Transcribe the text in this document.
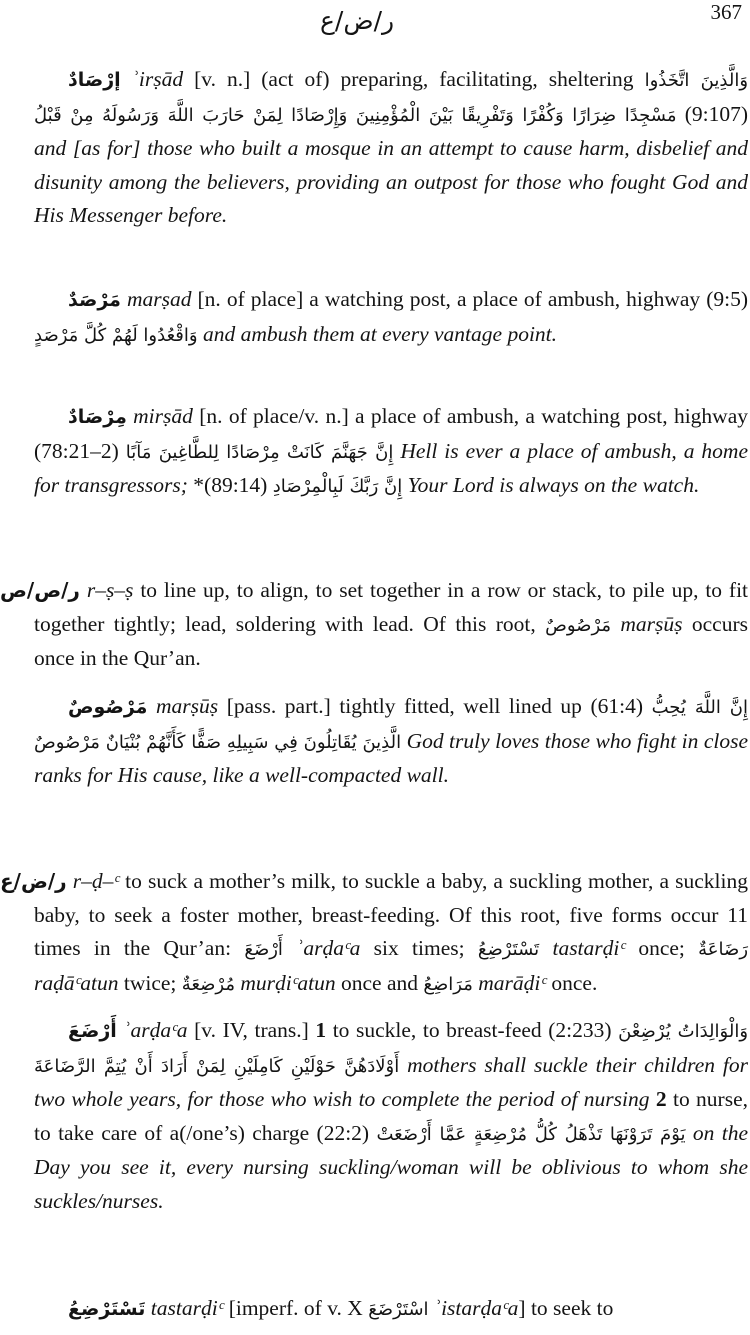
ر/ض/ع	367
إرْصَادٌ ʾirṣād [v. n.] (act of) preparing, facilitating, sheltering وَالَّذِينَ اتَّخَذُوا مَسْجِدًا ضِرَارًا وَكُفْرًا وَتَفْرِيقًا بَيْنَ الْمُؤْمِنِينَ وَإِرْصَادًا لِمَنْ حَارَبَ اللَّهَ وَرَسُولَهُ مِنْ قَبْلُ (9:107) and [as for] those who built a mosque in an attempt to cause harm, disbelief and disunity among the believers, providing an outpost for those who fought God and His Messenger before.
مَرْصَدٌ marṣad [n. of place] a watching post, a place of ambush, highway (9:5) وَاقْعُدُوا لَهُمْ كُلَّ مَرْصَدٍ and ambush them at every vantage point.
مِرْصَادٌ mirṣād [n. of place/v. n.] a place of ambush, a watching post, highway (78:21–2) إِنَّ جَهَنَّمَ كَانَتْ مِرْصَادًا لِلطَّاغِينَ مَآبًا Hell is ever a place of ambush, a home for transgressors; *(89:14) إِنَّ رَبَّكَ لَبِالْمِرْصَادِ Your Lord is always on the watch.
ر/ص/ص r–ṣ–ṣ to line up, to align, to set together in a row or stack, to pile up, to fit together tightly; lead, soldering with lead. Of this root, مَرْصُوصٌ marṣūṣ occurs once in the Qur’an.
مَرْصُوصٌ marṣūṣ [pass. part.] tightly fitted, well lined up (61:4) إِنَّ اللَّهَ يُحِبُّ الَّذِينَ يُقَاتِلُونَ فِي سَبِيلِهِ صَفًّا كَأَنَّهُمْ بُنْيَانٌ مَرْصُوصٌ God truly loves those who fight in close ranks for His cause, like a well-compacted wall.
ر/ض/ع r–ḍ–ᶜ to suck a mother’s milk, to suckle a baby, a suckling mother, a suckling baby, to seek a foster mother, breast-feeding. Of this root, five forms occur 11 times in the Qur’an: أَرْضَعَ ʾarḍaᶜa six times; تَسْتَرْضِعُ tastarḍiᶜ once; رَضَاعَةٌ raḍāᶜatun twice; مُرْضِعَةٌ murḍiᶜatun once and مَرَاضِعُ marāḍiᶜ once.
أَرْضَعَ ʾarḍaᶜa [v. IV, trans.] 1 to suckle, to breast-feed (2:233) وَالْوَالِدَاتُ يُرْضِعْنَ أَوْلَادَهُنَّ حَوْلَيْنِ كَامِلَيْنِ لِمَنْ أَرَادَ أَنْ يُتِمَّ الرَّضَاعَةَ mothers shall suckle their children for two whole years, for those who wish to complete the period of nursing 2 to nurse, to take care of a(/one’s) charge (22:2) يَوْمَ تَرَوْنَهَا تَذْهَلُ كُلُّ مُرْضِعَةٍ عَمَّا أَرْضَعَتْ on the Day you see it, every nursing suckling/woman will be oblivious to whom she suckles/nurses.
تَسْتَرْضِعُ tastarḍiᶜ [imperf. of v. X اسْتَرْضَعَ ʾistarḍaᶜa] to seek to
